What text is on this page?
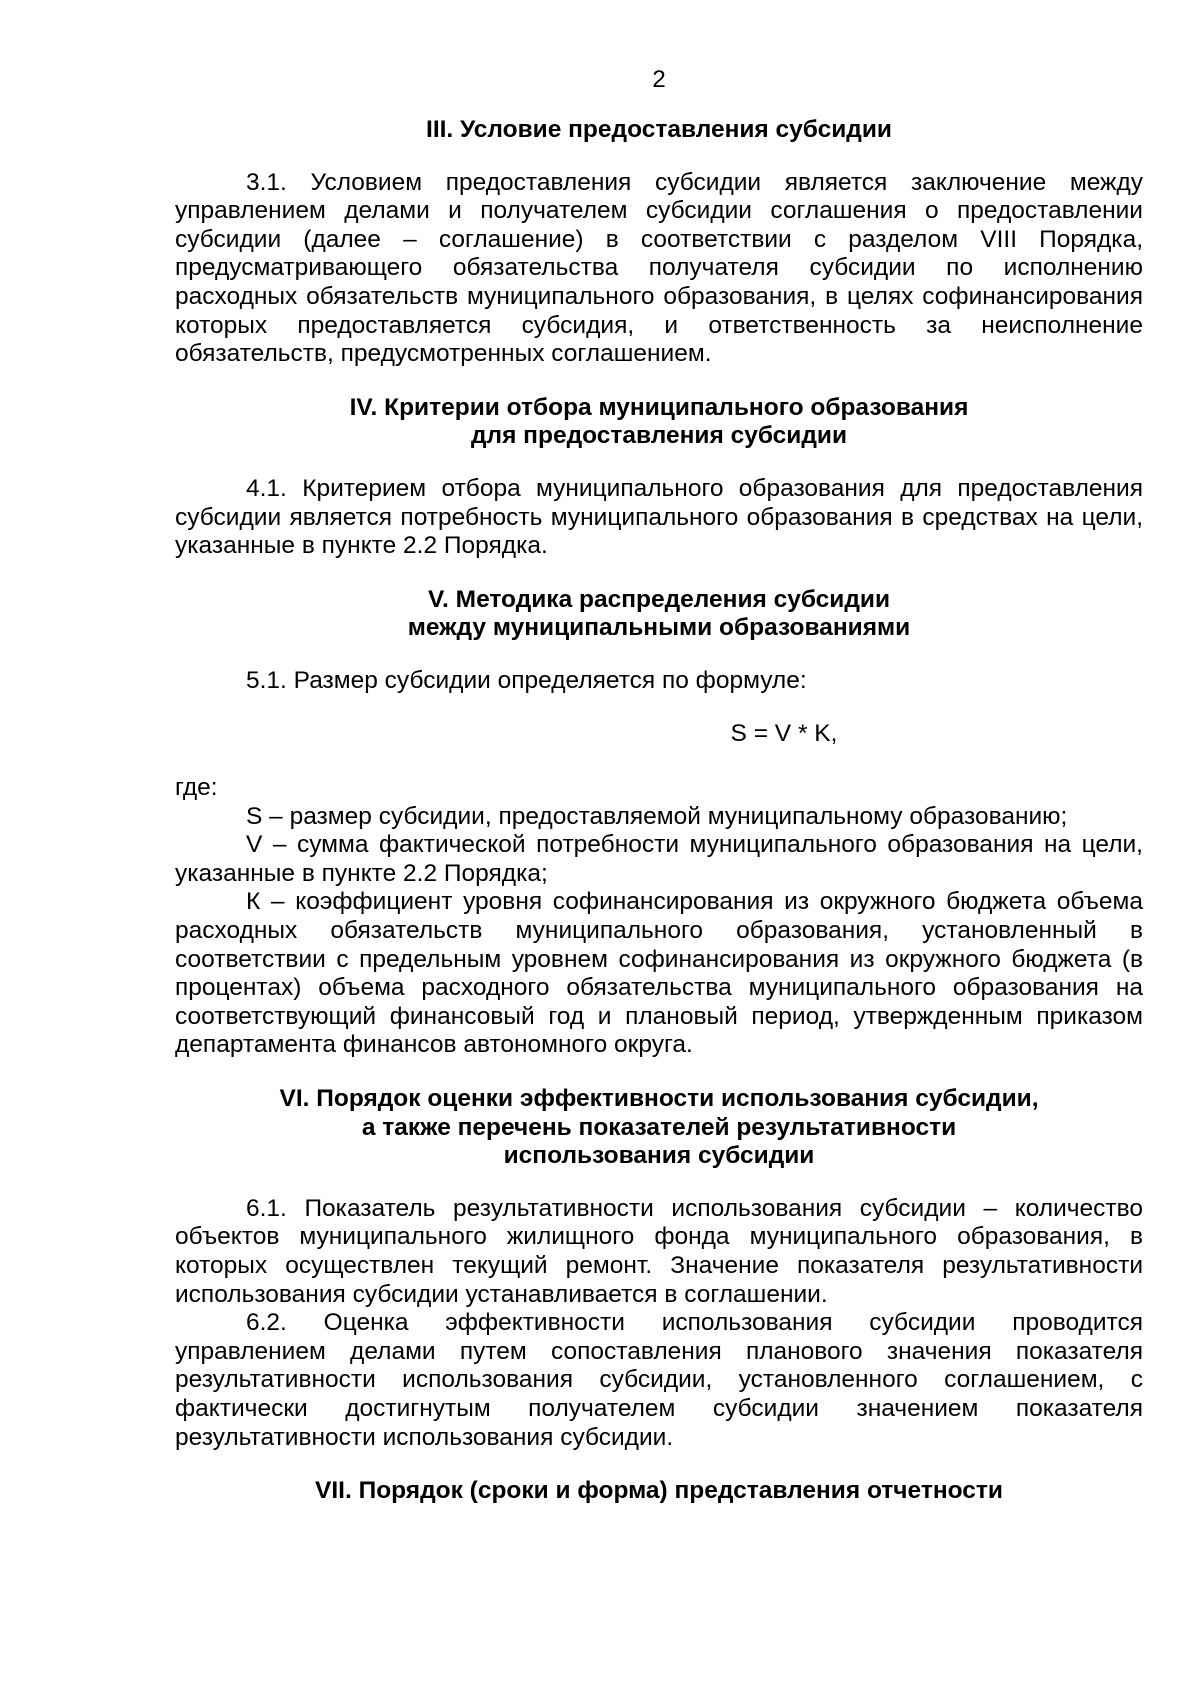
2
III. Условие предоставления субсидии

3.1. Условием предоставления субсидии является заключение между управлением делами и получателем субсидии соглашения о предоставлении субсидии (далее – соглашение) в соответствии с разделом VIII Порядка, предусматривающего обязательства получателя субсидии по исполнению расходных обязательств муниципального образования, в целях софинансирования которых предоставляется субсидия, и ответственность за неисполнение обязательств, предусмотренных соглашением.

IV. Критерии отбора муниципального образования
для предоставления субсидии

4.1. Критерием отбора муниципального образования для предоставления субсидии является потребность муниципального образования в средствах на цели, указанные в пункте 2.2 Порядка.

V. Методика распределения субсидии
между муниципальными образованиями

5.1. Размер субсидии определяется по формуле:

S = V * K,

где:

S – размер субсидии, предоставляемой муниципальному образованию;

V – сумма фактической потребности муниципального образования на цели, указанные в пункте 2.2 Порядка;

К – коэффициент уровня софинансирования из окружного бюджета объема расходных обязательств муниципального образования, установленный в соответствии с предельным уровнем софинансирования из окружного бюджета (в процентах) объема расходного обязательства муниципального образования на соответствующий финансовый год и плановый период, утвержденным приказом департамента финансов автономного округа.

VI. Порядок оценки эффективности использования субсидии,
а также перечень показателей результативности
использования субсидии

6.1. Показатель результативности использования субсидии – количество объектов муниципального жилищного фонда муниципального образования, в которых осуществлен текущий ремонт. Значение показателя результативности использования субсидии устанавливается в соглашении.

6.2. Оценка эффективности использования субсидии проводится управлением делами путем сопоставления планового значения показателя результативности использования субсидии, установленного соглашением, с фактически достигнутым получателем субсидии значением показателя результативности использования субсидии.

VII. Порядок (сроки и форма) представления отчетности
